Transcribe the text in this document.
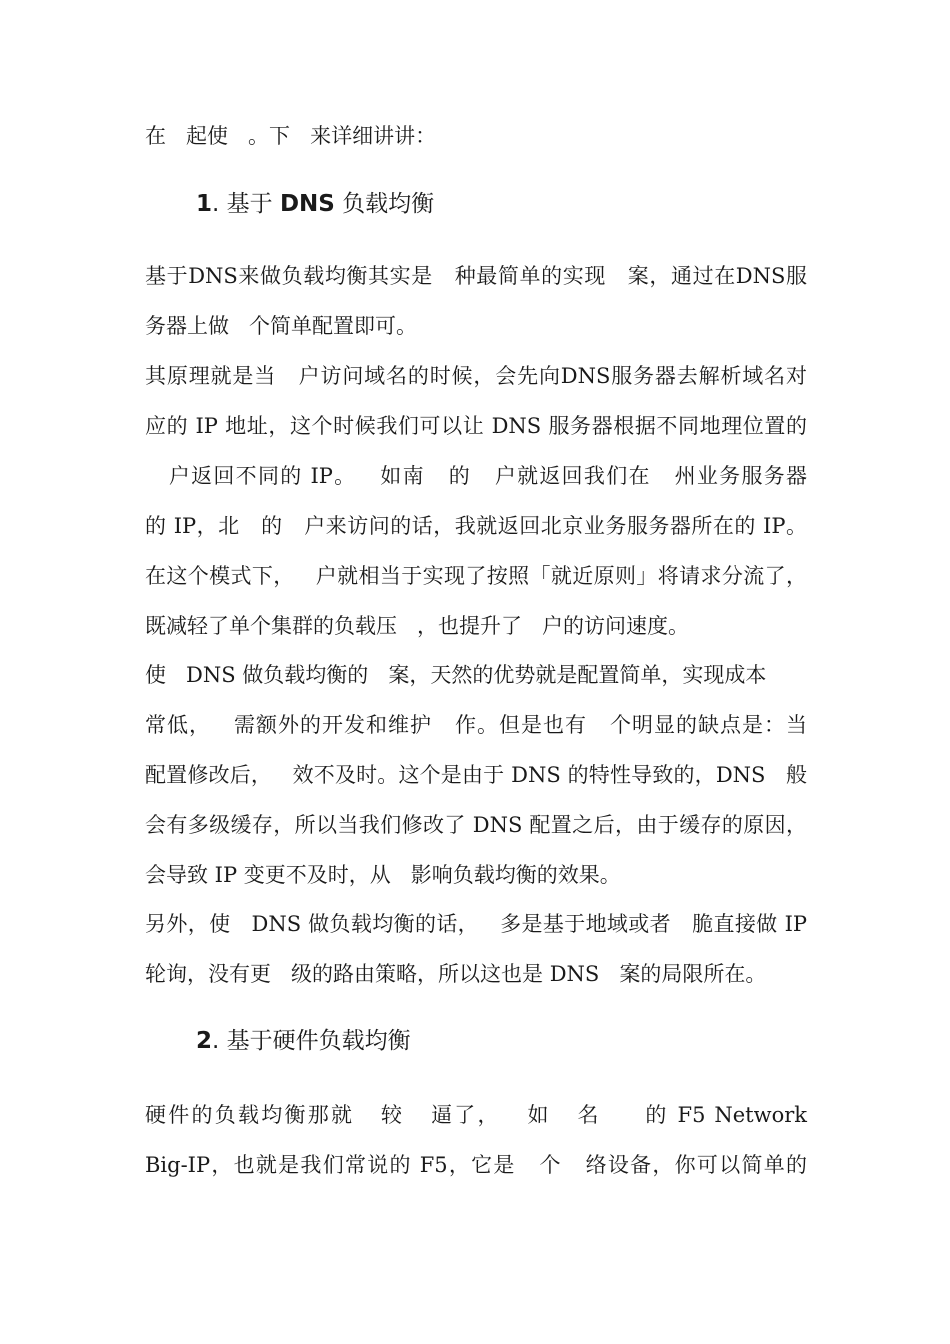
在   起使   。下   来详细讲讲：
1. 基于 DNS 负载均衡
基于DNS来做负载均衡其实是   种最简单的实现   案，通过在DNS服
务器上做   个简单配置即可。
其原理就是当   户访问域名的时候，会先向DNS服务器去解析域名对
应的 IP 地址，这个时候我们可以让 DNS 服务器根据不同地理位置的
户返回不同的 IP。   如南   的   户就返回我们在   州业务服务器
的 IP，北   的   户来访问的话，我就返回北京业务服务器所在的 IP。
在这个模式下，   户就相当于实现了按照「就近原则」将请求分流了，
既减轻了单个集群的负载压   ，也提升了   户的访问速度。
使   DNS 做负载均衡的   案，天然的优势就是配置简单，实现成本
常低，   需额外的开发和维护   作。但是也有   个明显的缺点是：当
配置修改后，   效不及时。这个是由于 DNS 的特性导致的，DNS   般
会有多级缓存，所以当我们修改了 DNS 配置之后，由于缓存的原因，
会导致 IP 变更不及时，从   影响负载均衡的效果。
另外，使   DNS 做负载均衡的话，   多是基于地域或者   脆直接做 IP
轮询，没有更   级的路由策略，所以这也是 DNS   案的局限所在。
2. 基于硬件负载均衡
硬件的负载均衡那就   较   逼了，   如   名     的 F5 Network
Big-IP，也就是我们常说的 F5，它是   个   络设备，你可以简单的
